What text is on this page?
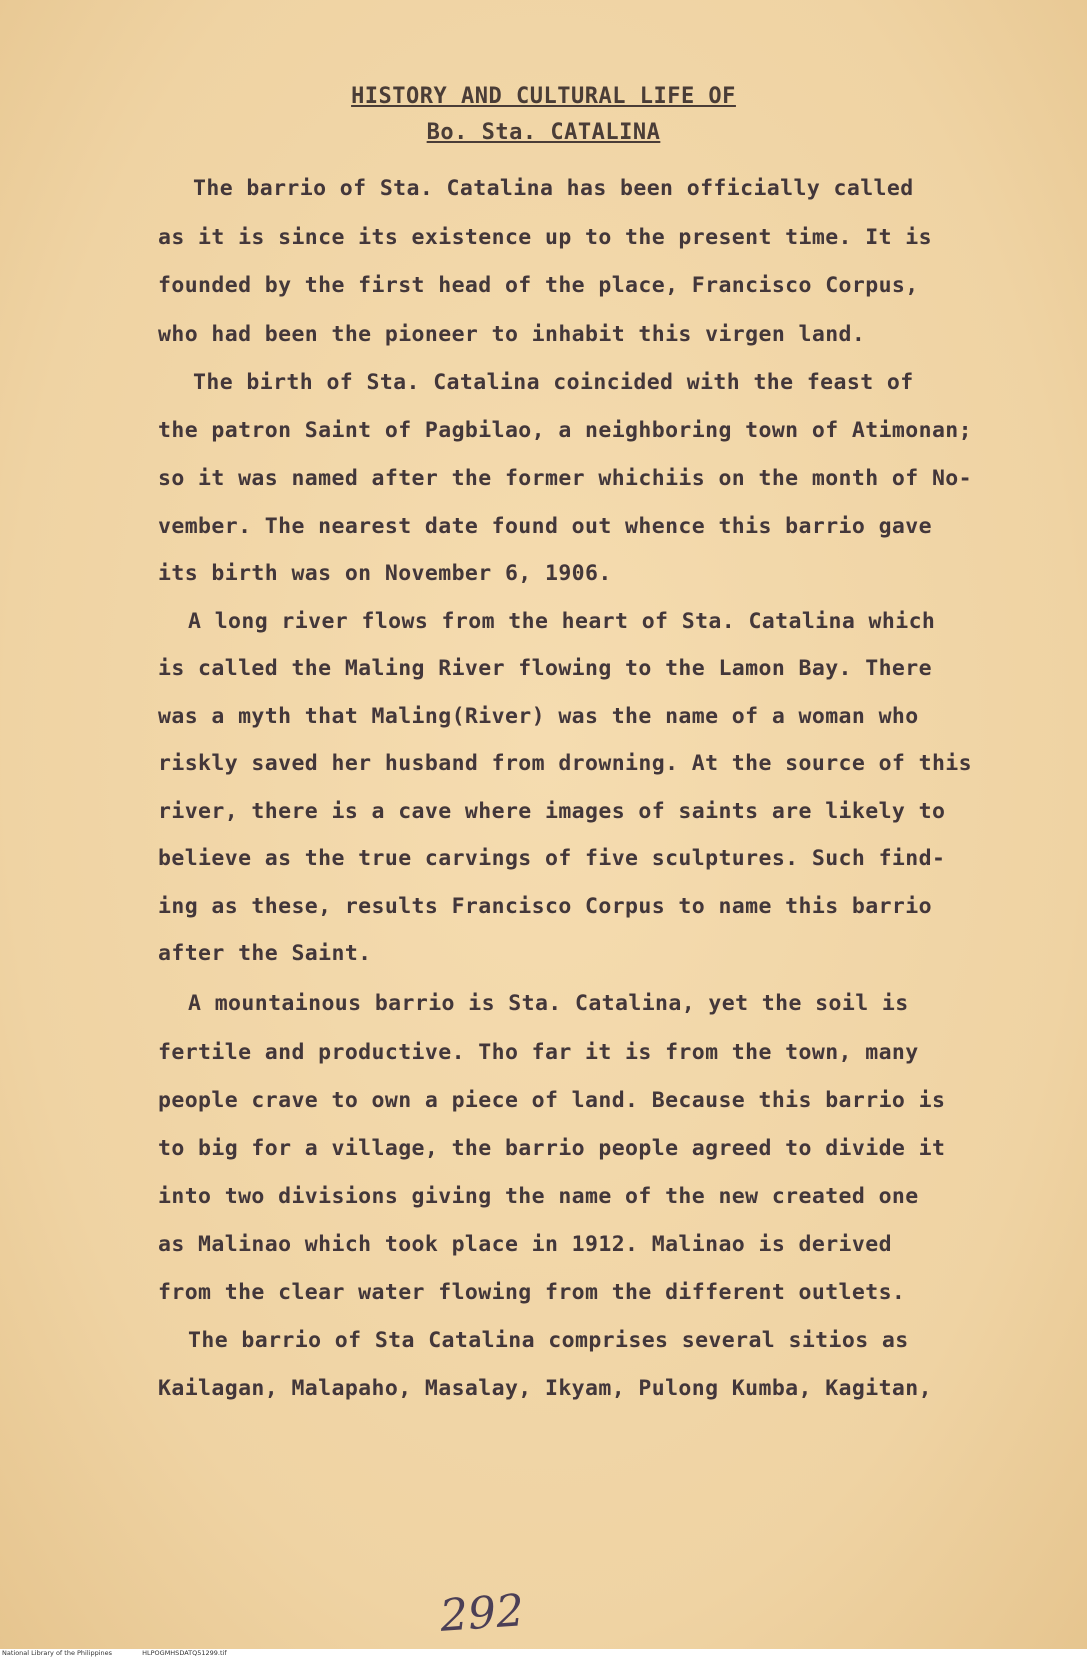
HISTORY AND CULTURAL LIFE OF
Bo. Sta. CATALINA
The barrio of Sta. Catalina has been officially called
as it is since its existence up to the present time. It is
founded by the first head of the place, Francisco Corpus,
who had been the pioneer to inhabit this virgen land.
The birth of Sta. Catalina coincided with the feast of
the patron Saint of Pagbilao, a neighboring town of Atimonan;
so it was named after the former whichiis on the month of No-
vember. The nearest date found out whence this barrio gave
its birth was on November 6, 1906.
A long river flows from the heart of Sta. Catalina which
is called the Maling River flowing to the Lamon Bay. There
was a myth that Maling(River) was the name of a woman who
riskly saved her husband from drowning. At the source of this
river, there is a cave where images of saints are likely to
believe as the true carvings of five sculptures. Such find-
ing as these, results Francisco Corpus to name this barrio
after the Saint.
A mountainous barrio is Sta. Catalina, yet the soil is
fertile and productive. Tho far it is from the town, many
people crave to own a piece of land. Because this barrio is
to big for a village, the barrio people agreed to divide it
into two divisions giving the name of the new created one
as Malinao which took place in 1912. Malinao is derived
from the clear water flowing from the different outlets.
The barrio of Sta Catalina comprises several sitios as
Kailagan, Malapaho, Masalay, Ikyam, Pulong Kumba, Kagitan,
292
National Library of the Philippines	HLPOGMHSDATQ51299.tif
